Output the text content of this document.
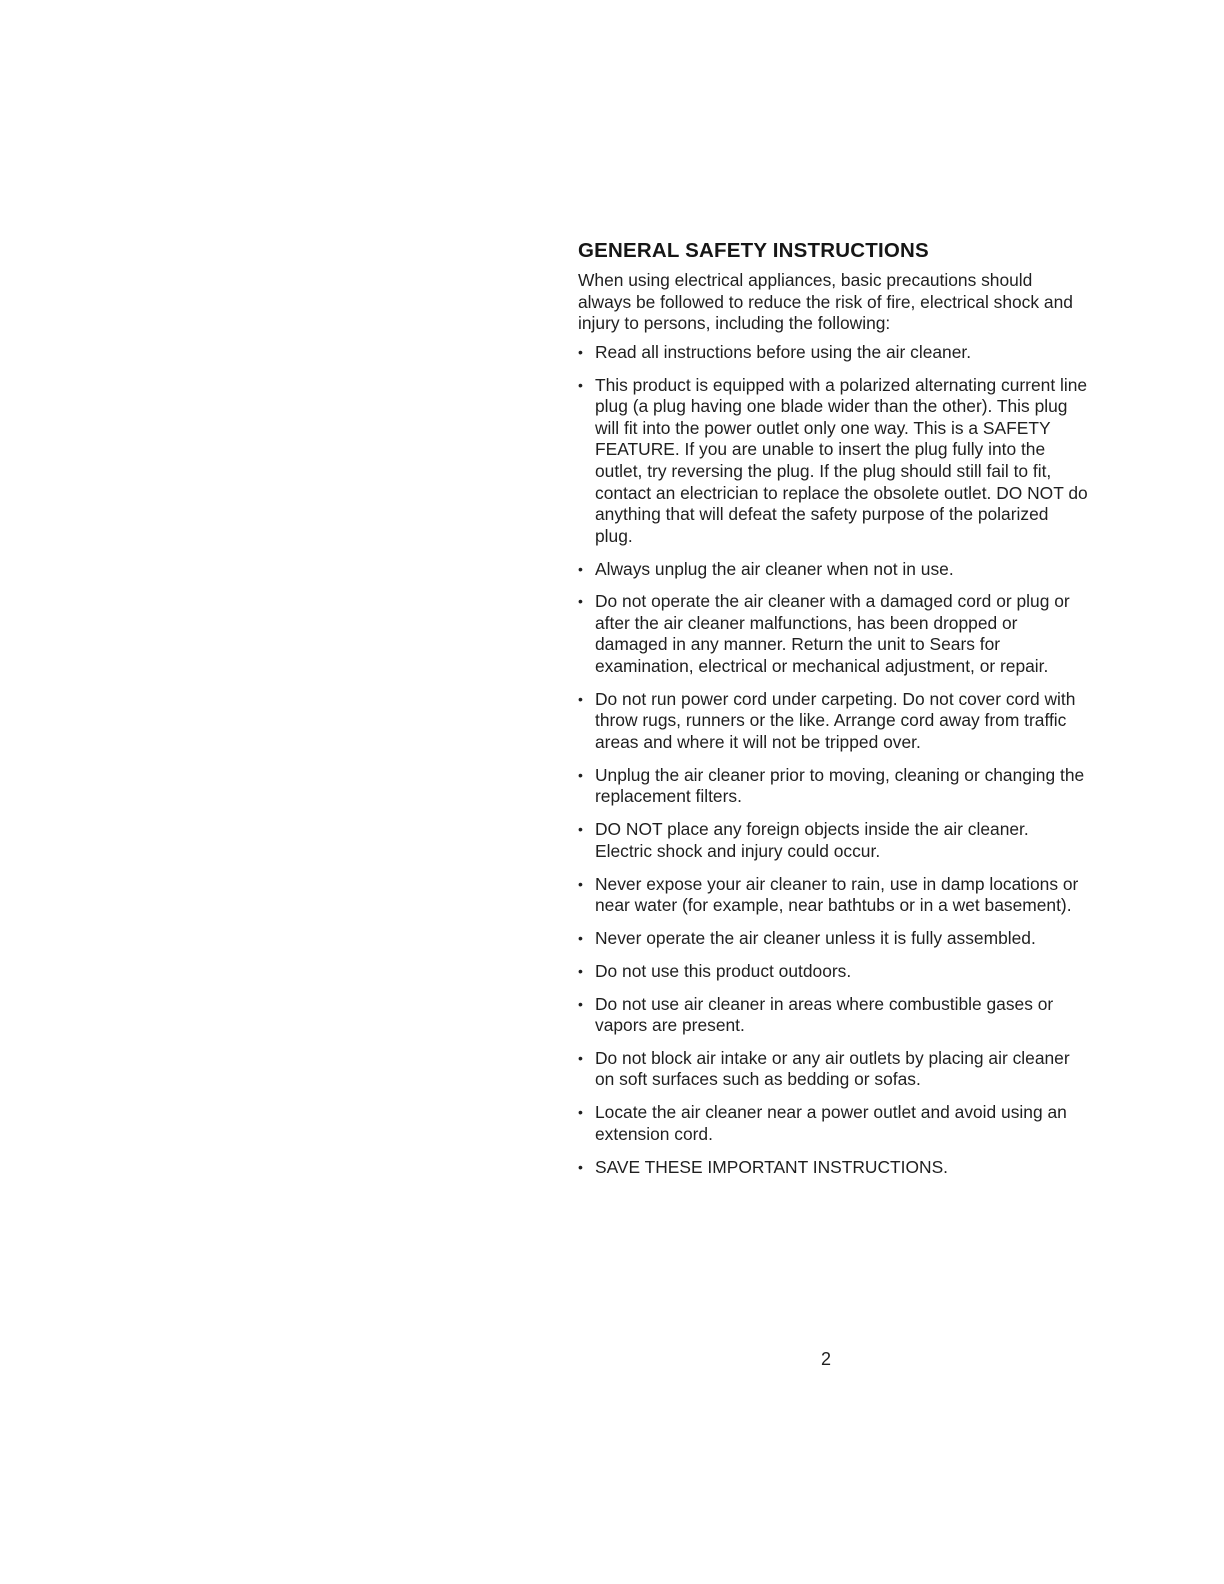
GENERAL SAFETY INSTRUCTIONS

When using electrical appliances, basic precautions should always be followed to reduce the risk of fire, electrical shock and injury to persons, including the following:

• Read all instructions before using the air cleaner.
• This product is equipped with a polarized alternating current line plug (a plug having one blade wider than the other). This plug will fit into the power outlet only one way. This is a SAFETY FEATURE. If you are unable to insert the plug fully into the outlet, try reversing the plug. If the plug should still fail to fit, contact an electrician to replace the obsolete outlet. DO NOT do anything that will defeat the safety purpose of the polarized plug.
• Always unplug the air cleaner when not in use.
• Do not operate the air cleaner with a damaged cord or plug or after the air cleaner malfunctions, has been dropped or damaged in any manner. Return the unit to Sears for examination, electrical or mechanical adjustment, or repair.
• Do not run power cord under carpeting. Do not cover cord with throw rugs, runners or the like. Arrange cord away from traffic areas and where it will not be tripped over.
• Unplug the air cleaner prior to moving, cleaning or changing the replacement filters.
• DO NOT place any foreign objects inside the air cleaner. Electric shock and injury could occur.
• Never expose your air cleaner to rain, use in damp locations or near water (for example, near bathtubs or in a wet basement).
• Never operate the air cleaner unless it is fully assembled.
• Do not use this product outdoors.
• Do not use air cleaner in areas where combustible gases or vapors are present.
• Do not block air intake or any air outlets by placing air cleaner on soft surfaces such as bedding or sofas.
• Locate the air cleaner near a power outlet and avoid using an extension cord.
• SAVE THESE IMPORTANT INSTRUCTIONS.
2
